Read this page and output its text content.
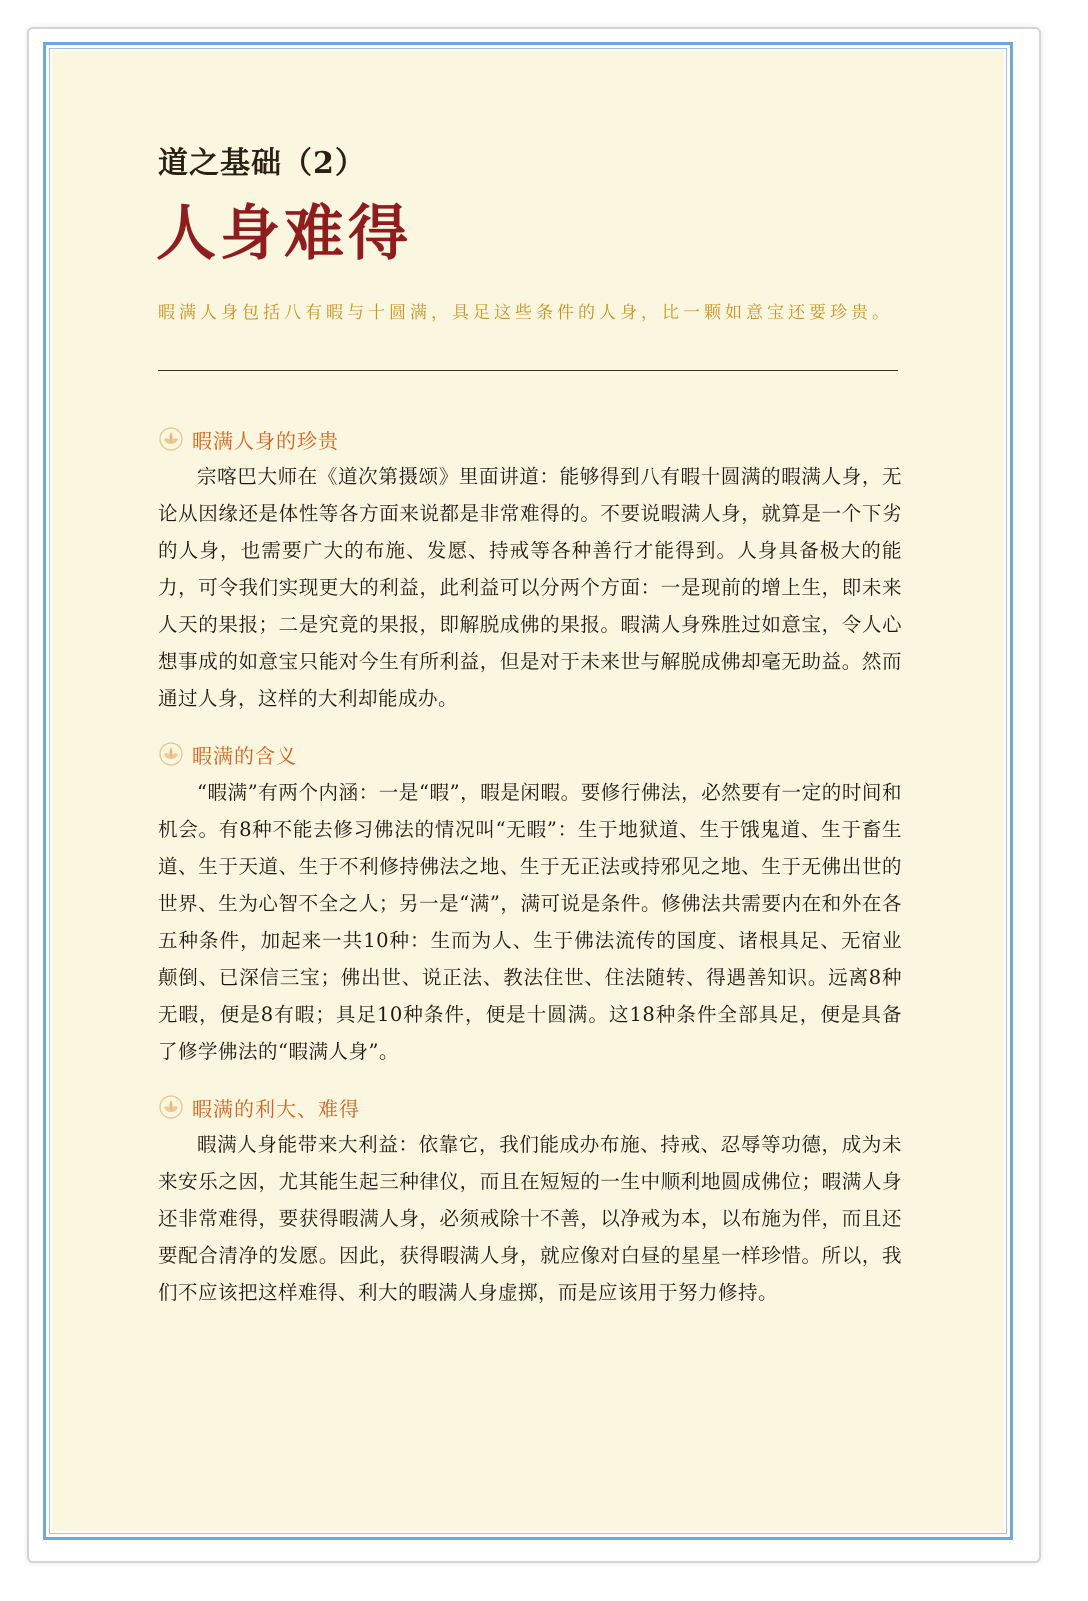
道之基础（2）
人身难得
暇满人身包括八有暇与十圆满，具足这些条件的人身，比一颗如意宝还要珍贵。
暇满人身的珍贵
宗喀巴大师在《道次第摄颂》里面讲道：能够得到八有暇十圆满的暇满人身，无论从因缘还是体性等各方面来说都是非常难得的。不要说暇满人身，就算是一个下劣的人身，也需要广大的布施、发愿、持戒等各种善行才能得到。人身具备极大的能力，可令我们实现更大的利益，此利益可以分两个方面：一是现前的增上生，即未来人天的果报；二是究竟的果报，即解脱成佛的果报。暇满人身殊胜过如意宝，令人心想事成的如意宝只能对今生有所利益，但是对于未来世与解脱成佛却毫无助益。然而通过人身，这样的大利却能成办。
暇满的含义
“暇满”有两个内涵：一是“暇”，暇是闲暇。要修行佛法，必然要有一定的时间和机会。有8种不能去修习佛法的情况叫“无暇”：生于地狱道、生于饿鬼道、生于畜生道、生于天道、生于不利修持佛法之地、生于无正法或持邪见之地、生于无佛出世的世界、生为心智不全之人；另一是“满”，满可说是条件。修佛法共需要内在和外在各五种条件，加起来一共10种：生而为人、生于佛法流传的国度、诸根具足、无宿业颠倒、已深信三宝；佛出世、说正法、教法住世、住法随转、得遇善知识。远离8种无暇，便是8有暇；具足10种条件，便是十圆满。这18种条件全部具足，便是具备了修学佛法的“暇满人身”。
暇满的利大、难得
暇满人身能带来大利益：依靠它，我们能成办布施、持戒、忍辱等功德，成为未来安乐之因，尤其能生起三种律仪，而且在短短的一生中顺利地圆成佛位；暇满人身还非常难得，要获得暇满人身，必须戒除十不善，以净戒为本，以布施为伴，而且还要配合清净的发愿。因此，获得暇满人身，就应像对白昼的星星一样珍惜。所以，我们不应该把这样难得、利大的暇满人身虚掷，而是应该用于努力修持。
